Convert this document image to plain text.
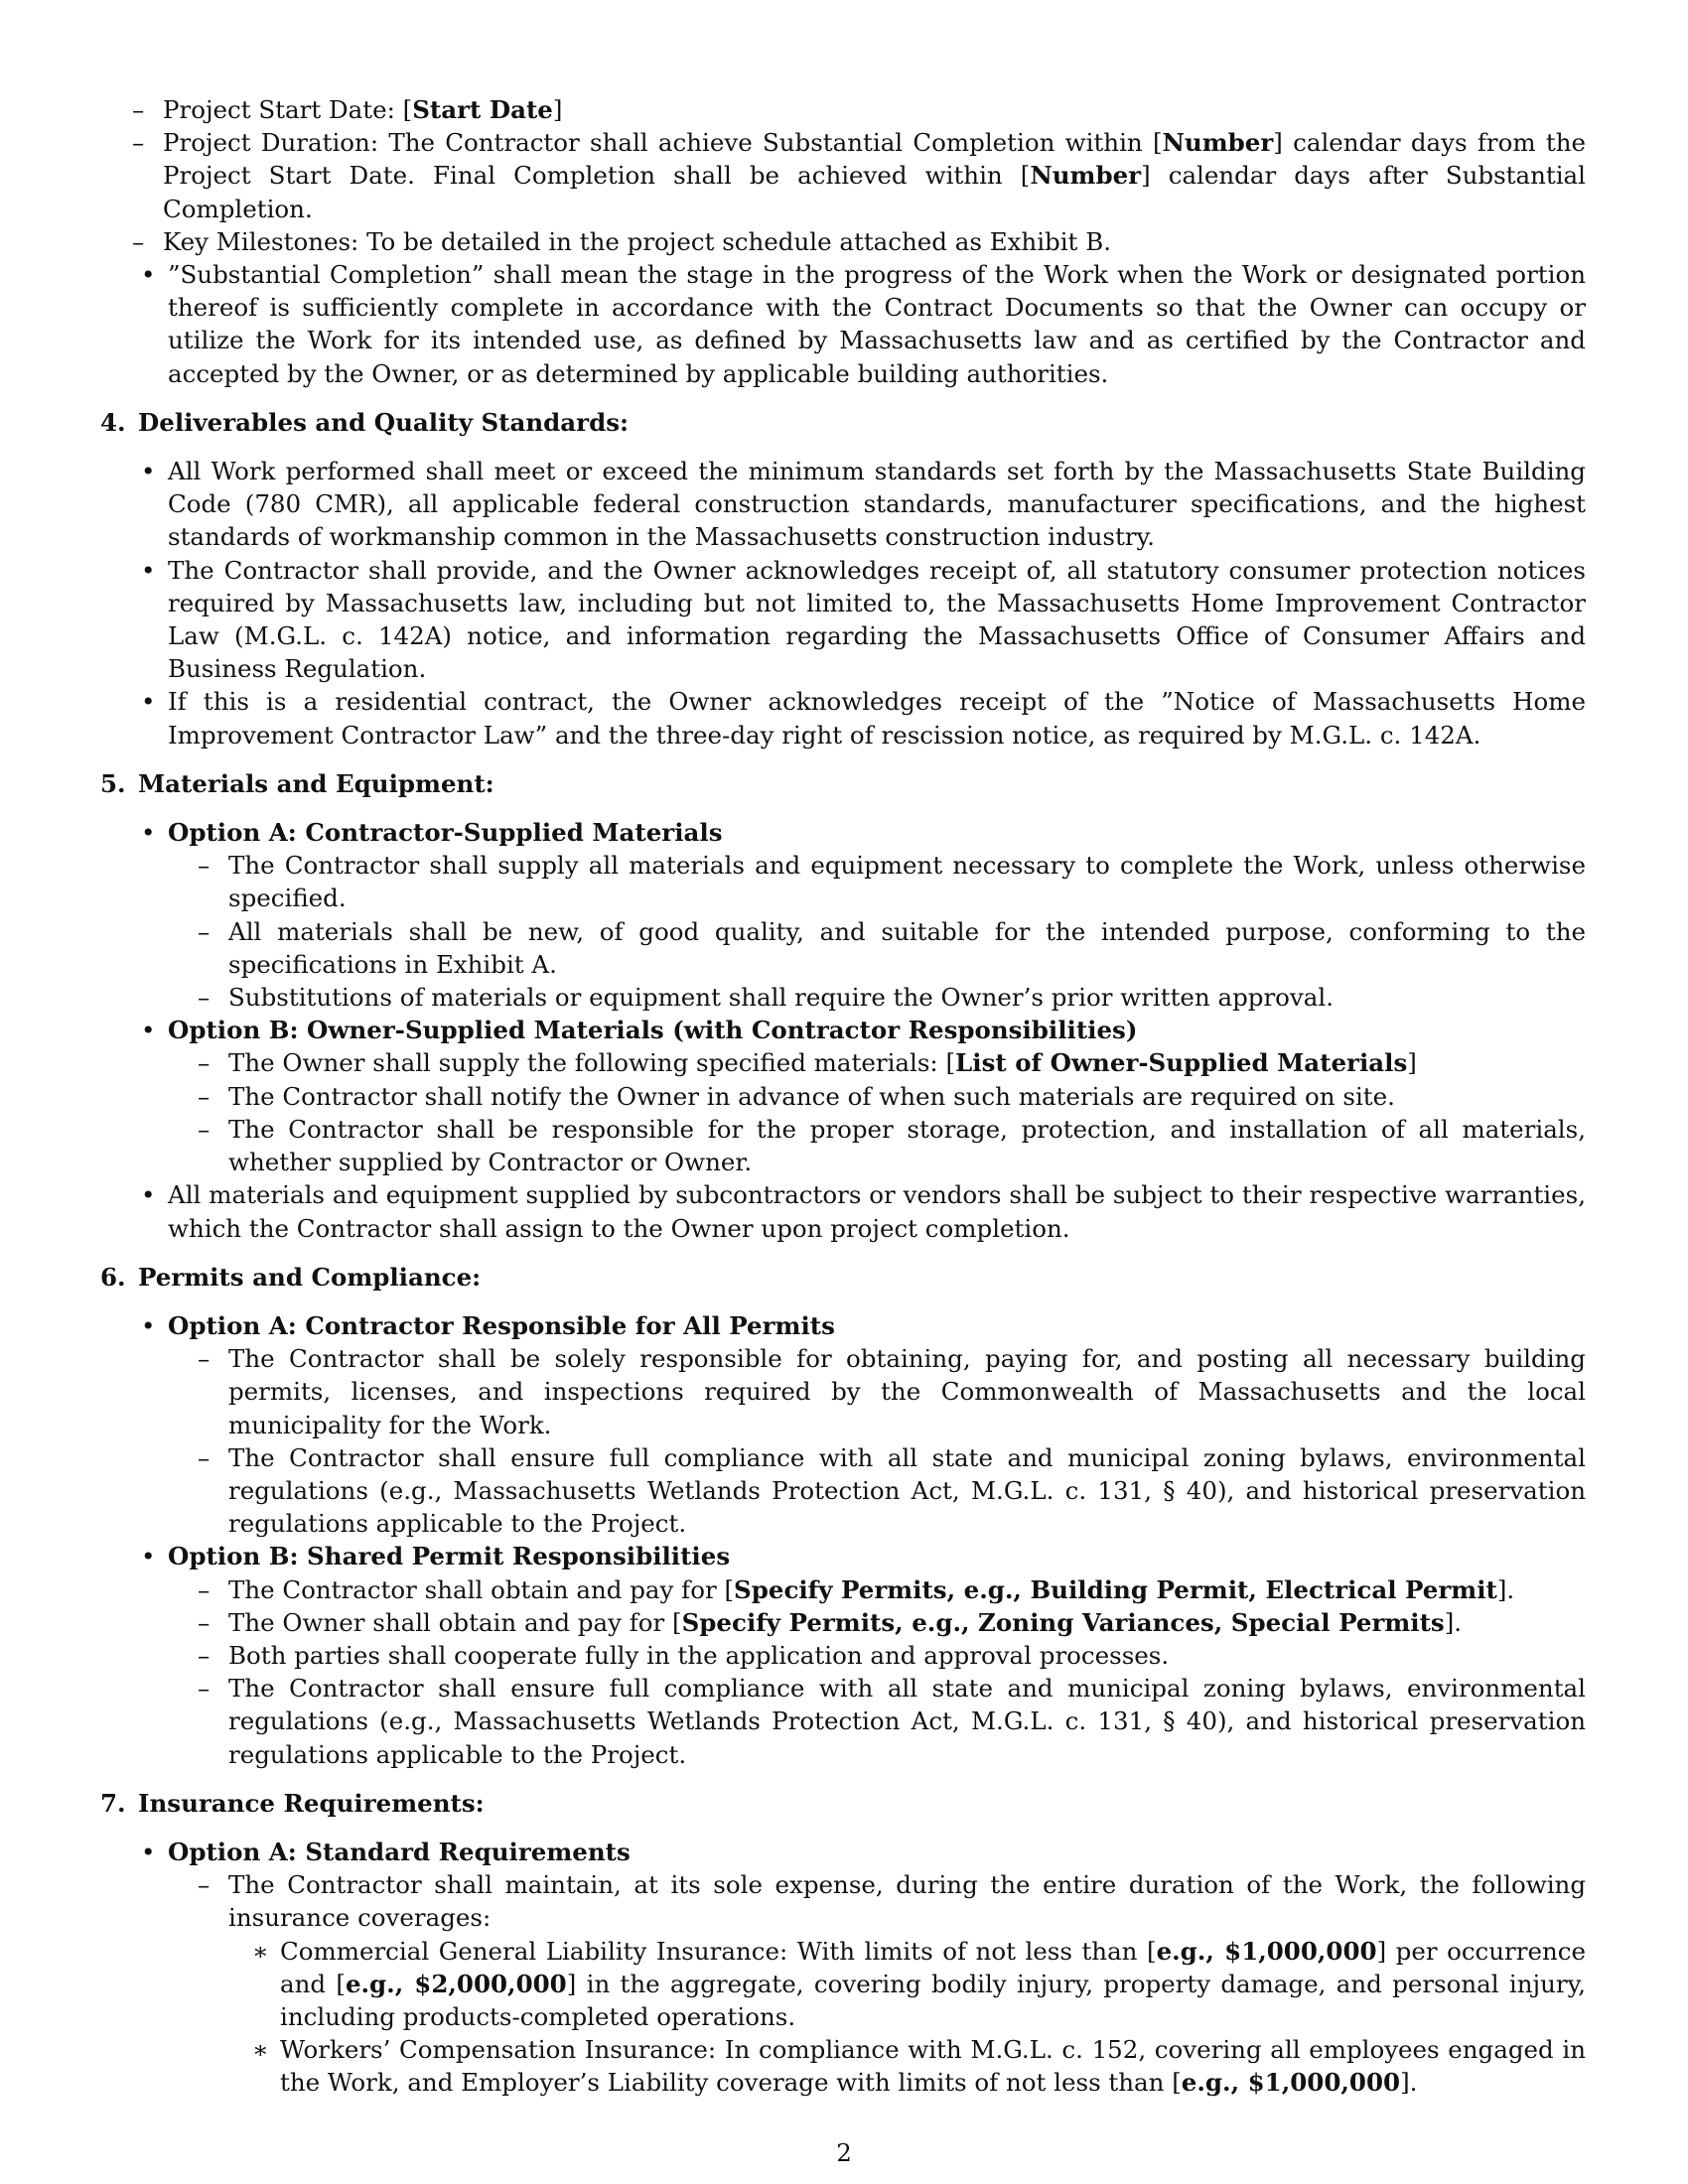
– Project Start Date: [Start Date]
– Project Duration: The Contractor shall achieve Substantial Completion within [Number] calendar days from the Project Start Date. Final Completion shall be achieved within [Number] calendar days after Substantial Completion.
– Key Milestones: To be detailed in the project schedule attached as Exhibit B.
• ”Substantial Completion” shall mean the stage in the progress of the Work when the Work or designated portion thereof is sufficiently complete in accordance with the Contract Documents so that the Owner can occupy or utilize the Work for its intended use, as defined by Massachusetts law and as certified by the Contractor and accepted by the Owner, or as determined by applicable building authorities.

4. Deliverables and Quality Standards:

• All Work performed shall meet or exceed the minimum standards set forth by the Massachusetts State Building Code (780 CMR), all applicable federal construction standards, manufacturer specifications, and the highest standards of workmanship common in the Massachusetts construction industry.
• The Contractor shall provide, and the Owner acknowledges receipt of, all statutory consumer protection notices required by Massachusetts law, including but not limited to, the Massachusetts Home Improvement Contractor Law (M.G.L. c. 142A) notice, and information regarding the Massachusetts Office of Consumer Affairs and Business Regulation.
• If this is a residential contract, the Owner acknowledges receipt of the ”Notice of Massachusetts Home Improvement Contractor Law” and the three-day right of rescission notice, as required by M.G.L. c. 142A.

5. Materials and Equipment:

• Option A: Contractor-Supplied Materials
– The Contractor shall supply all materials and equipment necessary to complete the Work, unless otherwise specified.
– All materials shall be new, of good quality, and suitable for the intended purpose, conforming to the specifications in Exhibit A.
– Substitutions of materials or equipment shall require the Owner’s prior written approval.
• Option B: Owner-Supplied Materials (with Contractor Responsibilities)
– The Owner shall supply the following specified materials: [List of Owner-Supplied Materials]
– The Contractor shall notify the Owner in advance of when such materials are required on site.
– The Contractor shall be responsible for the proper storage, protection, and installation of all materials, whether supplied by Contractor or Owner.
• All materials and equipment supplied by subcontractors or vendors shall be subject to their respective warranties, which the Contractor shall assign to the Owner upon project completion.

6. Permits and Compliance:

• Option A: Contractor Responsible for All Permits
– The Contractor shall be solely responsible for obtaining, paying for, and posting all necessary building permits, licenses, and inspections required by the Commonwealth of Massachusetts and the local municipality for the Work.
– The Contractor shall ensure full compliance with all state and municipal zoning bylaws, environmental regulations (e.g., Massachusetts Wetlands Protection Act, M.G.L. c. 131, § 40), and historical preservation regulations applicable to the Project.
• Option B: Shared Permit Responsibilities
– The Contractor shall obtain and pay for [Specify Permits, e.g., Building Permit, Electrical Permit].
– The Owner shall obtain and pay for [Specify Permits, e.g., Zoning Variances, Special Permits].
– Both parties shall cooperate fully in the application and approval processes.
– The Contractor shall ensure full compliance with all state and municipal zoning bylaws, environmental regulations (e.g., Massachusetts Wetlands Protection Act, M.G.L. c. 131, § 40), and historical preservation regulations applicable to the Project.

7. Insurance Requirements:

• Option A: Standard Requirements
– The Contractor shall maintain, at its sole expense, during the entire duration of the Work, the following insurance coverages:
∗ Commercial General Liability Insurance: With limits of not less than [e.g., $1,000,000] per occurrence and [e.g., $2,000,000] in the aggregate, covering bodily injury, property damage, and personal injury, including products-completed operations.
∗ Workers’ Compensation Insurance: In compliance with M.G.L. c. 152, covering all employees engaged in the Work, and Employer’s Liability coverage with limits of not less than [e.g., $1,000,000].
2
